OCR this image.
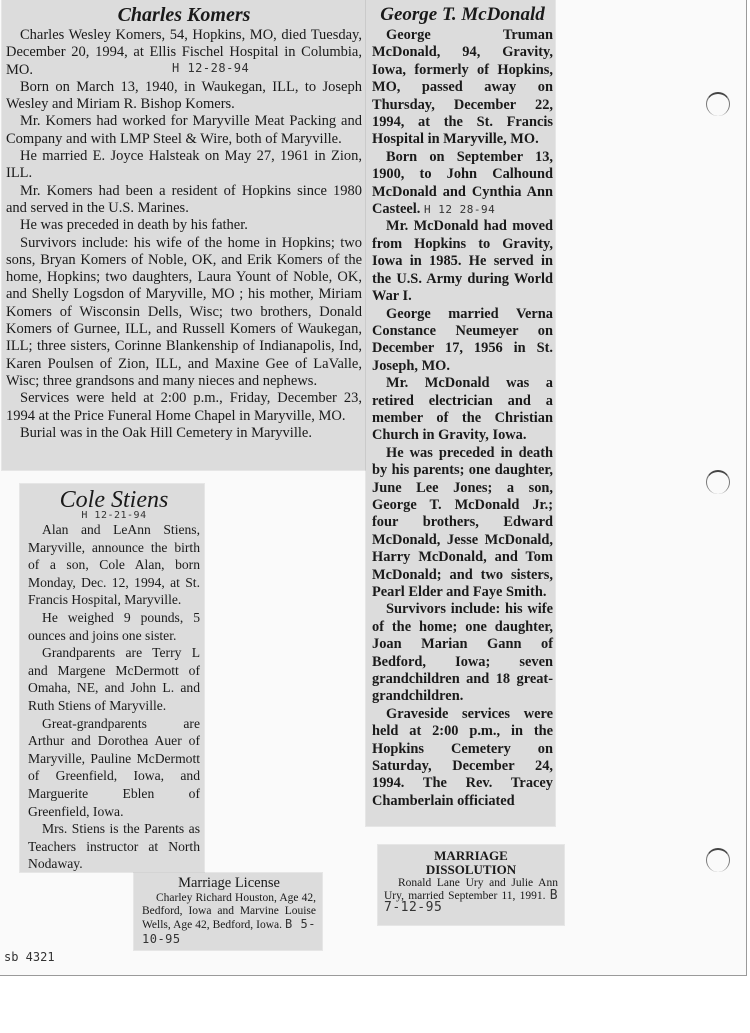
Charles Komers

Charles Wesley Komers, 54, Hopkins, MO, died Tuesday, December 20, 1994, at Ellis Fischel Hospital in Columbia, MO.	H 12-28-94

Born on March 13, 1940, in Waukegan, ILL, to Joseph Wesley and Miriam R. Bishop Komers.

Mr. Komers had worked for Maryville Meat Packing and Company and with LMP Steel & Wire, both of Maryville.

He married E. Joyce Halsteak on May 27, 1961 in Zion, ILL.

Mr. Komers had been a resident of Hopkins since 1980 and served in the U.S. Marines.

He was preceded in death by his father.

Survivors include: his wife of the home in Hopkins; two sons, Bryan Komers of Noble, OK, and Erik Komers of the home, Hopkins; two daughters, Laura Yount of Noble, OK, and Shelly Logsdon of Maryville, MO ; his mother, Miriam Komers of Wisconsin Dells, Wisc; two brothers, Donald Komers of Gurnee, ILL, and Russell Komers of Waukegan, ILL; three sisters, Corinne Blankenship of Indianapolis, Ind, Karen Poulsen of Zion, ILL, and Maxine Gee of LaValle, Wisc; three grandsons and many nieces and nephews.

Services were held at 2:00 p.m., Friday, December 23, 1994 at the Price Funeral Home Chapel in Maryville, MO.

Burial was in the Oak Hill Cemetery in Maryville.

George T. McDonald

George Truman McDonald, 94, Gravity, Iowa, formerly of Hopkins, MO, passed away on Thursday, December 22, 1994, at the St. Francis Hospital in Maryville, MO.

Born on September 13, 1900, to John Calhound McDonald and Cynthia Ann Casteel. H 12 28-94

Mr. McDonald had moved from Hopkins to Gravity, Iowa in 1985. He served in the U.S. Army during World War I.

George married Verna Constance Neumeyer on December 17, 1956 in St. Joseph, MO.

Mr. McDonald was a retired electrician and a member of the Christian Church in Gravity, Iowa.

He was preceded in death by his parents; one daughter, June Lee Jones; a son, George T. McDonald Jr.; four brothers, Edward McDonald, Jesse McDonald, Harry McDonald, and Tom McDonald; and two sisters, Pearl Elder and Faye Smith.

Survivors include: his wife of the home; one daughter, Joan Marian Gann of Bedford, Iowa; seven grandchildren and 18 great-grandchildren.

Graveside services were held at 2:00 p.m., in the Hopkins Cemetery on Saturday, December 24, 1994. The Rev. Tracey Chamberlain officiated

Cole Stiens
H 12-21-94

Alan and LeAnn Stiens, Maryville, announce the birth of a son, Cole Alan, born Monday, Dec. 12, 1994, at St. Francis Hospital, Maryville.

He weighed 9 pounds, 5 ounces and joins one sister.

Grandparents are Terry L and Margene McDermott of Omaha, NE, and John L. and Ruth Stiens of Maryville.

Great-grandparents are Arthur and Dorothea Auer of Maryville, Pauline McDermott of Greenfield, Iowa, and Marguerite Eblen of Greenfield, Iowa.

Mrs. Stiens is the Parents as Teachers instructor at North Nodaway.

Marriage License

Charley Richard Houston, Age 42, Bedford, Iowa and Marvine Louise Wells, Age 42, Bedford, Iowa. B 5-10-95

MARRIAGE

DISSOLUTION

Ronald Lane Ury and Julie Ann Ury, married September 11, 1991. B 7-12-95

sb 4321
